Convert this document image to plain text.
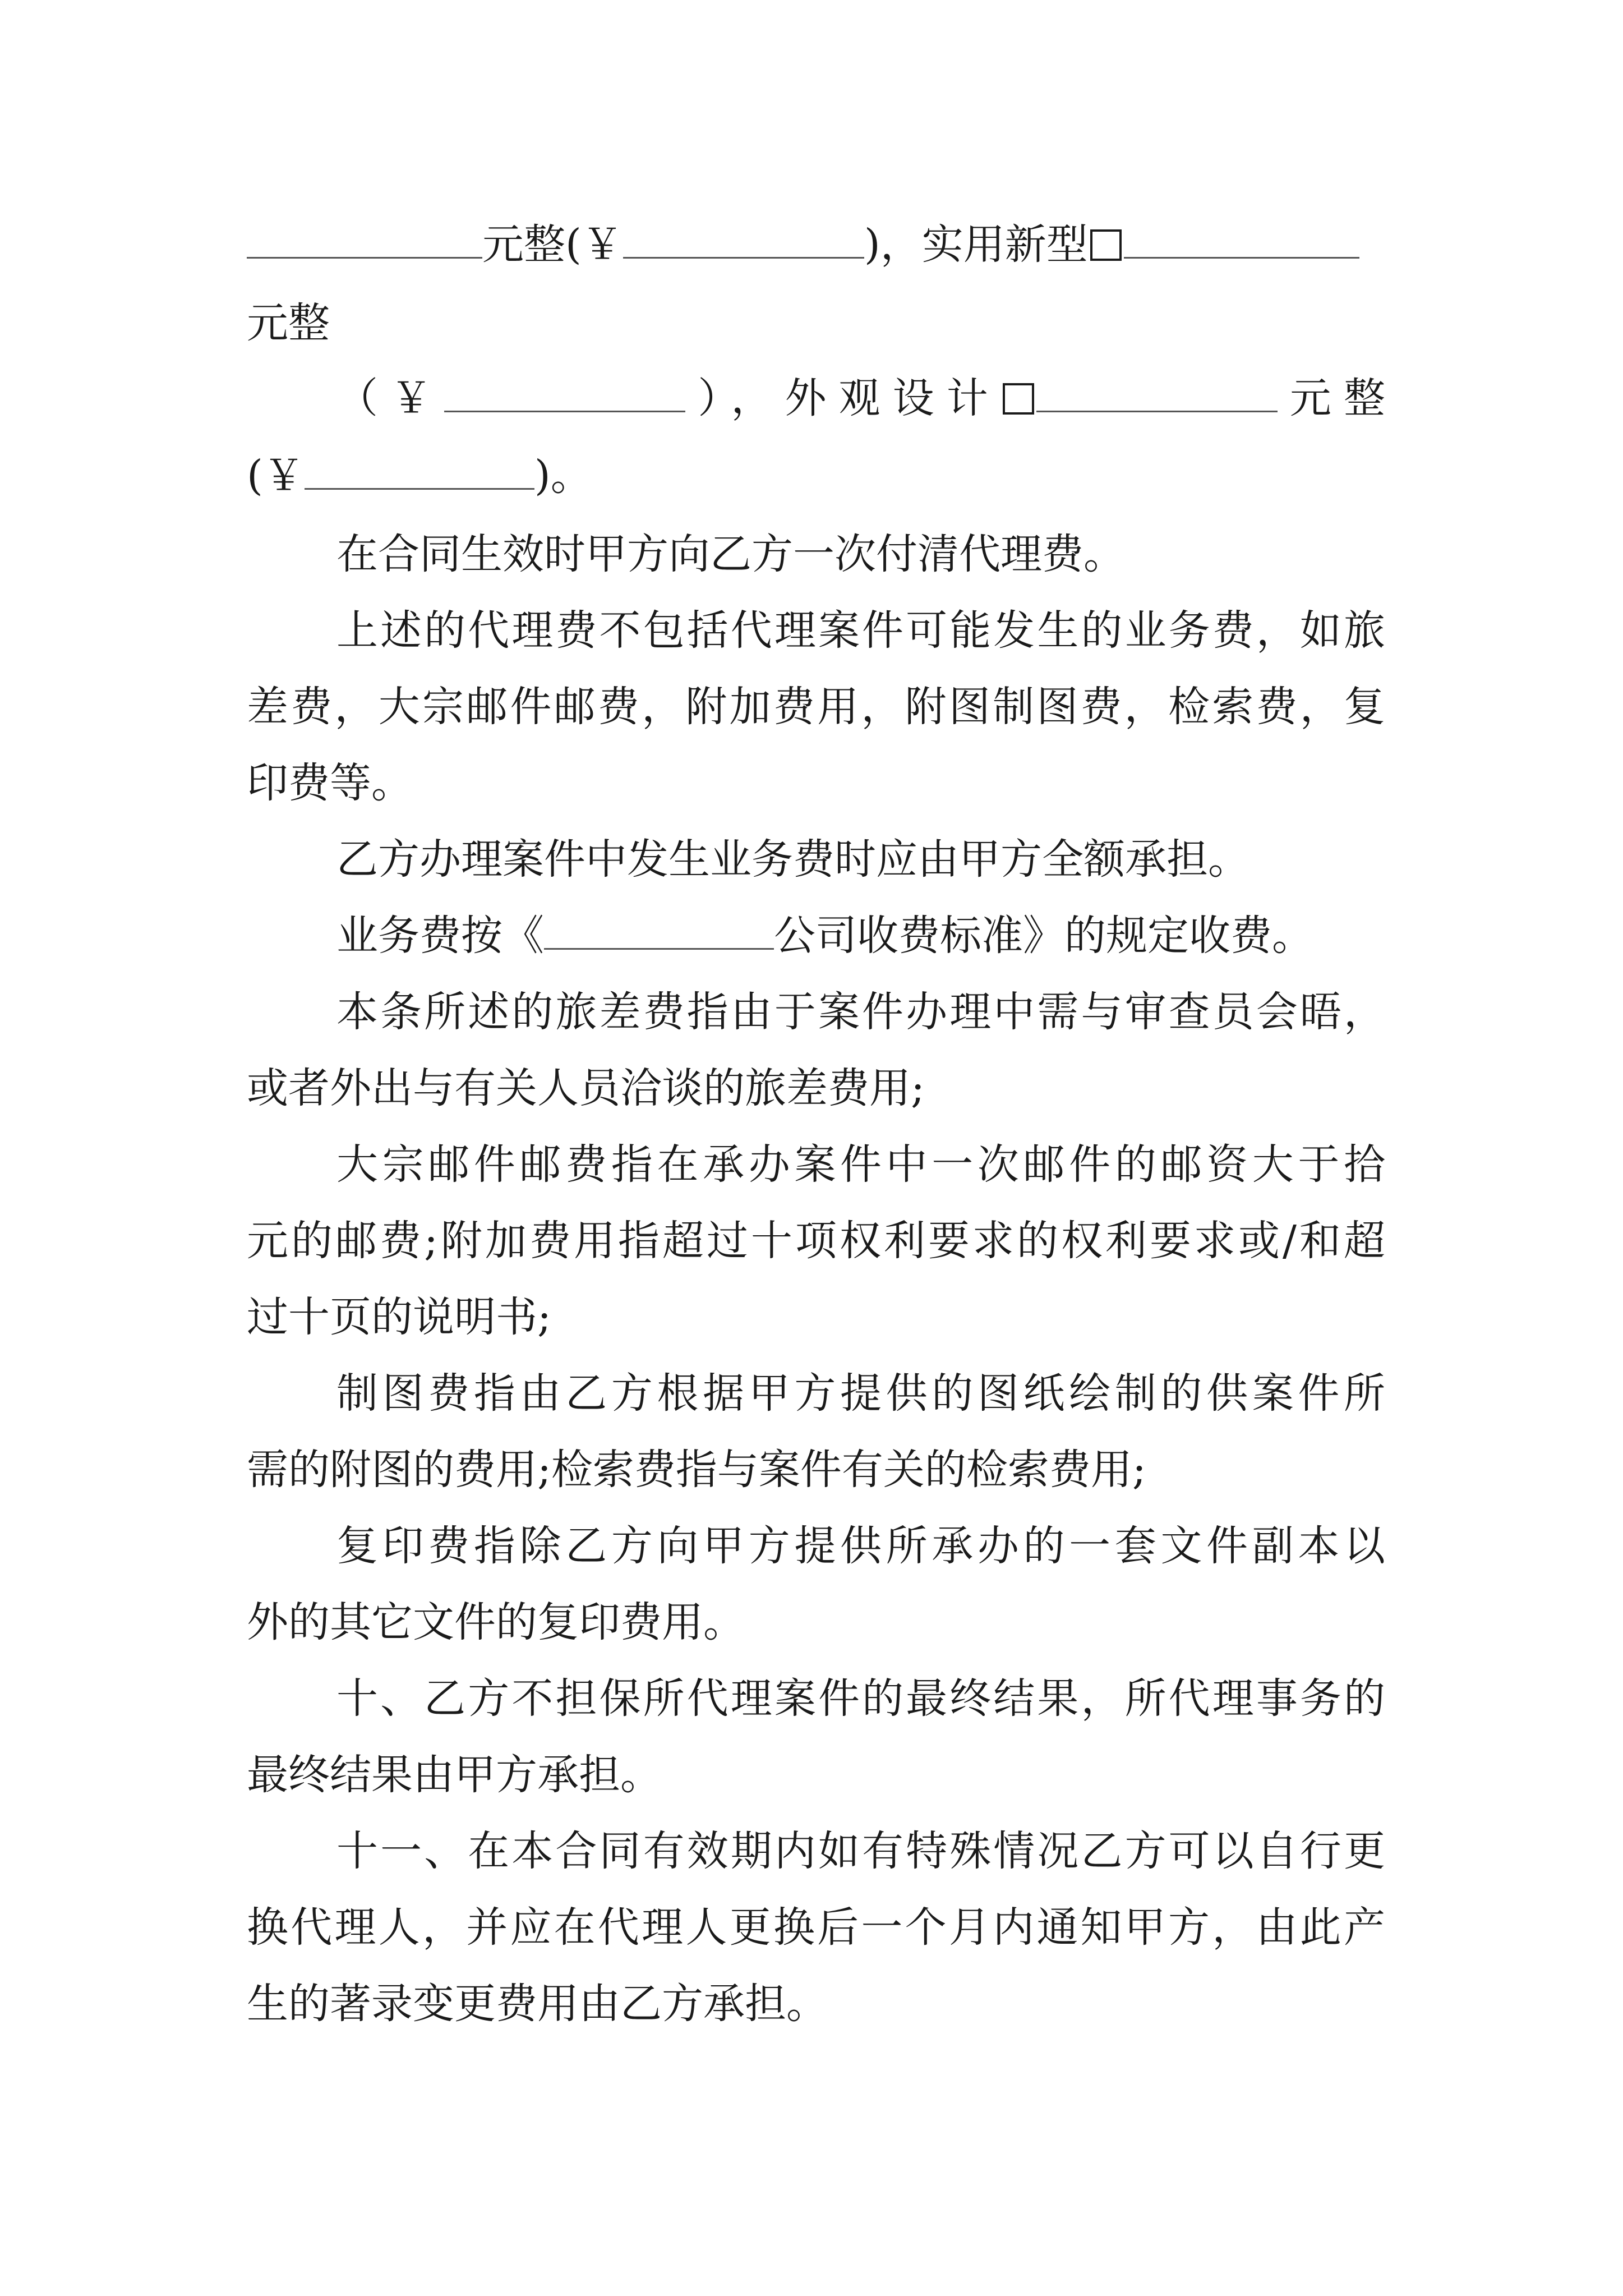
元整(￥	)，实用新型
元整
（￥	），外观设计	元整
(￥	)。
在合同生效时甲方向乙方一次付清代理费。
上述的代理费不包括代理案件可能发生的业务费，如旅
差费，大宗邮件邮费，附加费用，附图制图费，检索费，复
印费等。
乙方办理案件中发生业务费时应由甲方全额承担。
业务费按《	公司收费标准》的规定收费。
本条所述的旅差费指由于案件办理中需与审查员会晤，
或者外出与有关人员洽谈的旅差费用;
大宗邮件邮费指在承办案件中一次邮件的邮资大于拾
元的邮费;附加费用指超过十项权利要求的权利要求或/和超
过十页的说明书;
制图费指由乙方根据甲方提供的图纸绘制的供案件所
需的附图的费用;检索费指与案件有关的检索费用;
复印费指除乙方向甲方提供所承办的一套文件副本以
外的其它文件的复印费用。
十、乙方不担保所代理案件的最终结果，所代理事务的
最终结果由甲方承担。
十一、在本合同有效期内如有特殊情况乙方可以自行更
换代理人，并应在代理人更换后一个月内通知甲方，由此产
生的著录变更费用由乙方承担。
